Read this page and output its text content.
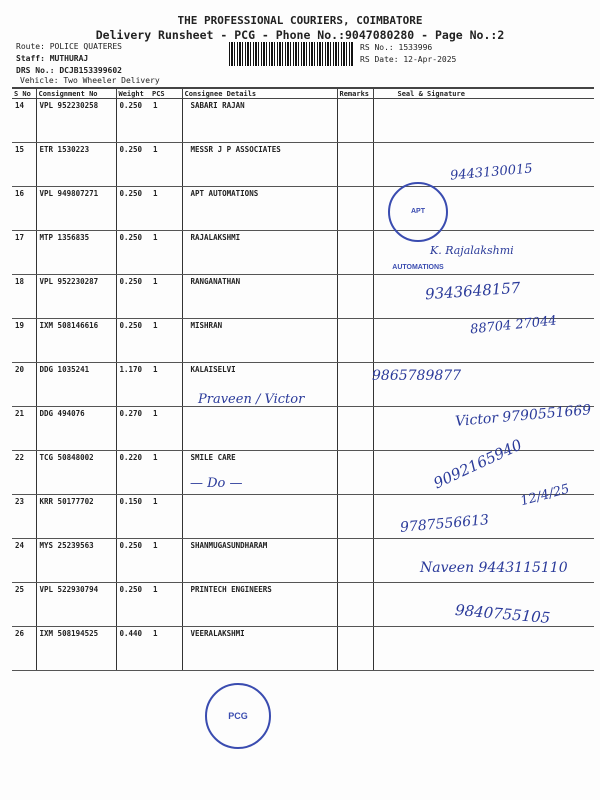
THE PROFESSIONAL COURIERS, COIMBATORE
Delivery Runsheet - PCG - Phone No.:9047080280 - Page No.:2
Route: POLICE QUATERES
Staff: MUTHURAJ
DRS No.: DCJB153399602
Vehicle: Two Wheeler Delivery
RS No.: 1533996
RS Date: 12-Apr-2025
S No	Consignment No	Weight	PCS	Consignee Details	Remarks	Seal & Signature
14	VPL 952230258	0.250	1	SABARI RAJAN		
15	ETR 1530223	0.250	1	MESSR J P ASSOCIATES		
16	VPL 949807271	0.250	1	APT AUTOMATIONS		
17	MTP 1356835	0.250	1	RAJALAKSHMI		
18	VPL 952230287	0.250	1	RANGANATHAN		
19	IXM 508146616	0.250	1	MISHRAN		
20	DDG 1035241	1.170	1	KALAISELVI		
21	DDG 494076	0.270	1			
22	TCG 50848002	0.220	1	SMILE CARE		
23	KRR 50177702	0.150	1			
24	MYS 25239563	0.250	1	SHANMUGASUNDHARAM		
25	VPL 522930794	0.250	1	PRINTECH ENGINEERS		
26	IXM 508194525	0.440	1	VEERALAKSHMI		
Praveen / Victor
— Do —
9443130015
K. Rajalakshmi
9343648157
88704 27044
9865789877
Victor 9790551669
9092165940
12/4/25
9787556613
Naveen 9443115110
9840755105
APT AUTOMATIONS
PCG
